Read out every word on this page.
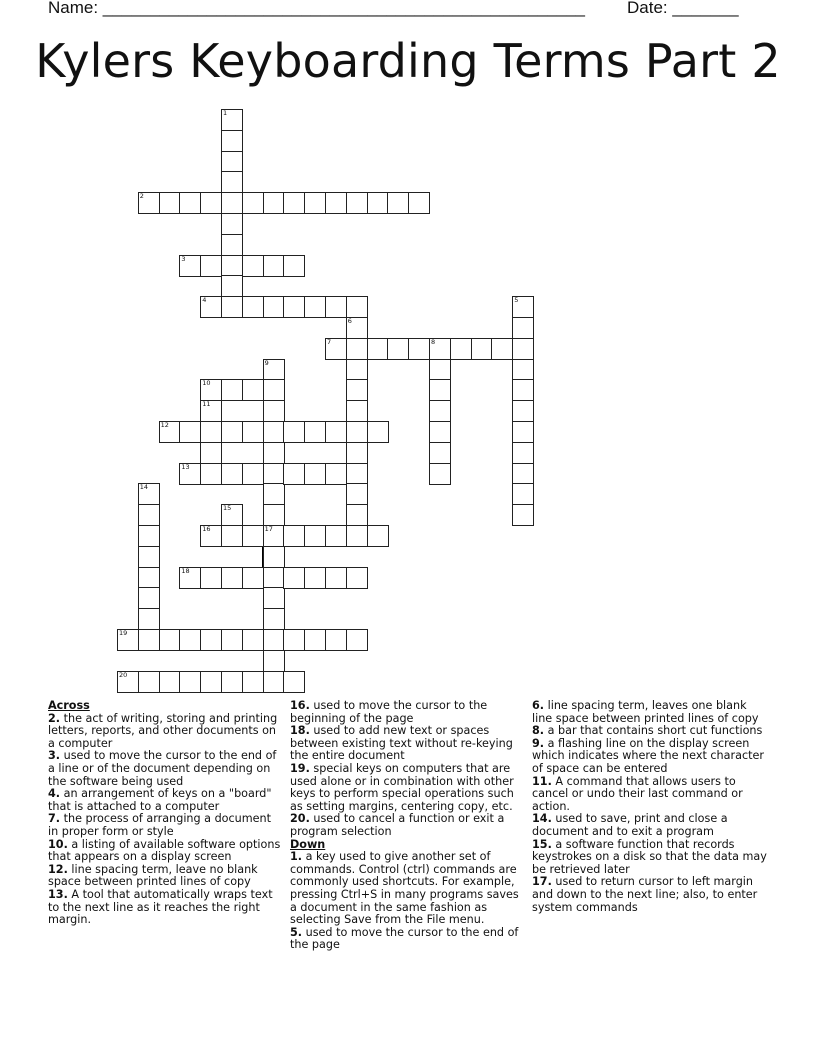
Name: ___________________________________________________ Date: _______
Kylers Keyboarding Terms Part 2
1
2
3
4	5
6
7	8
9
17
10
11
12
13
14
15
16
18
19
20
Across
2. the act of writing, storing and printing letters, reports, and other documents on a computer
3. used to move the cursor to the end of a line or of the document depending on the software being used
4. an arrangement of keys on a "board" that is attached to a computer
7. the process of arranging a document in proper form or style
10. a listing of available software options that appears on a display screen
12. line spacing term, leave no blank space between printed lines of copy
13. A tool that automatically wraps text to the next line as it reaches the right margin.
16. used to move the cursor to the beginning of the page
18. used to add new text or spaces between existing text without re-keying the entire document
19. special keys on computers that are used alone or in combination with other keys to perform special operations such as setting margins, centering copy, etc.
20. used to cancel a function or exit a program selection
Down
1. a key used to give another set of commands. Control (ctrl) commands are commonly used shortcuts. For example, pressing Ctrl+S in many programs saves a document in the same fashion as selecting Save from the File menu.
5. used to move the cursor to the end of the page
6. line spacing term, leaves one blank line space between printed lines of copy
8. a bar that contains short cut functions
9. a flashing line on the display screen which indicates where the next character of space can be entered
11. A command that allows users to cancel or undo their last command or action.
14. used to save, print and close a document and to exit a program
15. a software function that records keystrokes on a disk so that the data may be retrieved later
17. used to return cursor to left margin and down to the next line; also, to enter system commands
